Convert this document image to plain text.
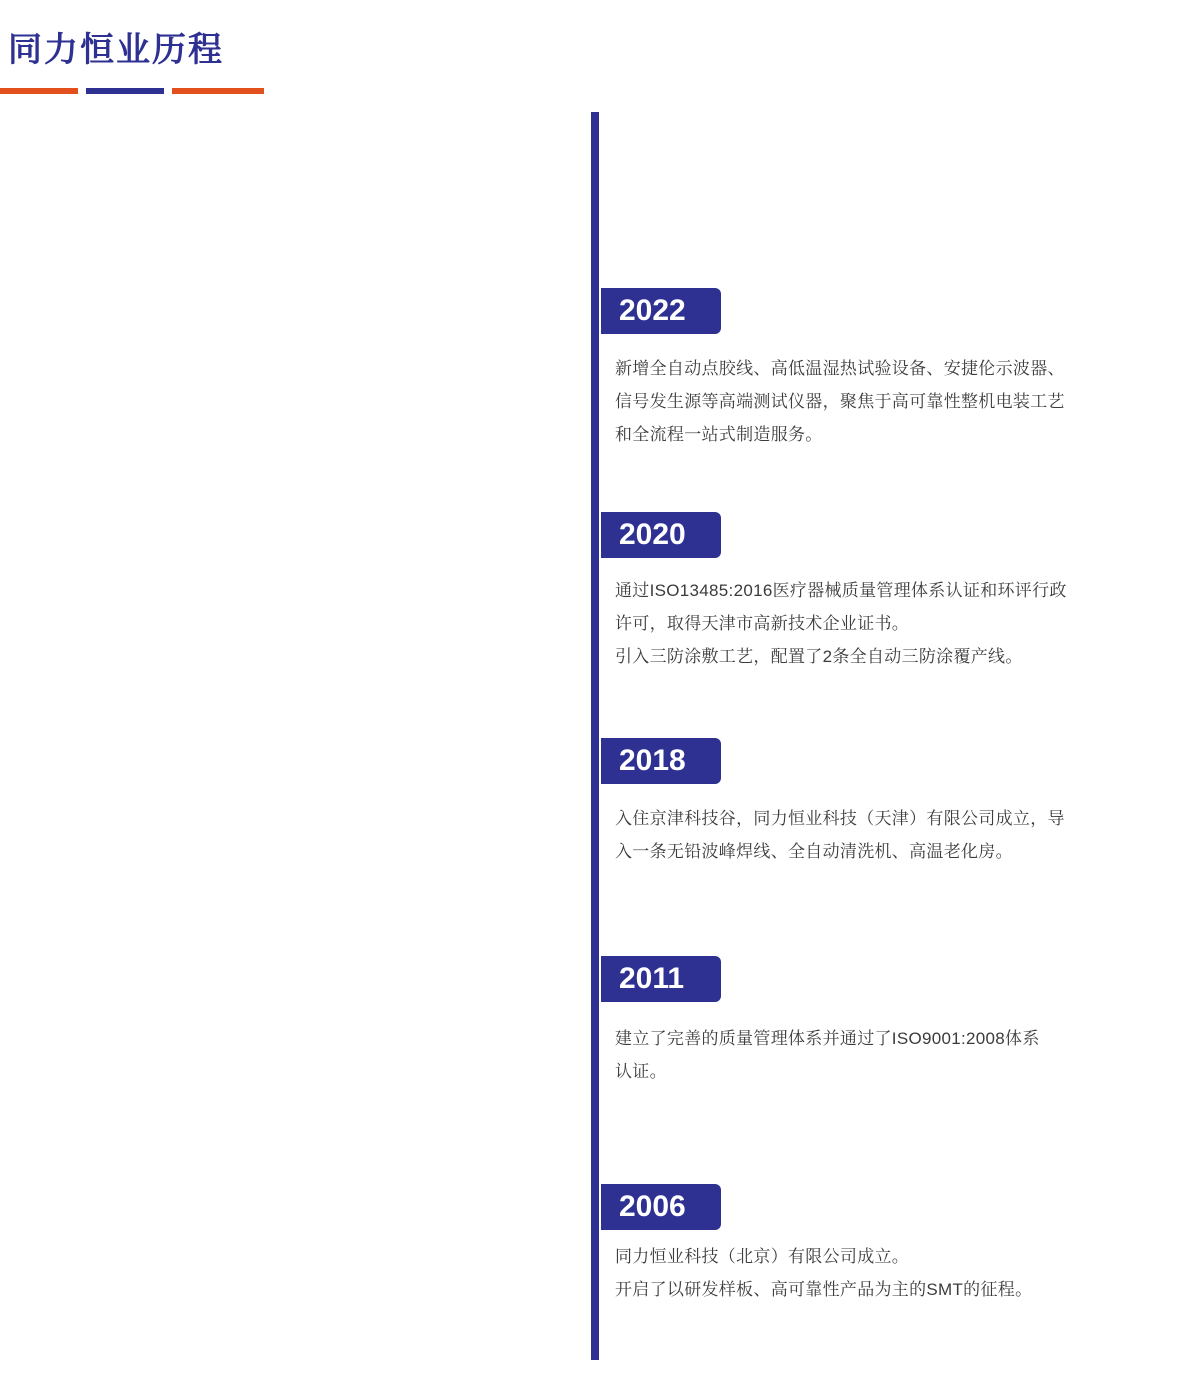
同力恒业历程

2022

新增全自动点胶线、高低温湿热试验设备、安捷伦示波器、

信号发生源等高端测试仪器，聚焦于高可靠性整机电装工艺

和全流程一站式制造服务。

2020

通过ISO13485:2016医疗器械质量管理体系认证和环评行政

许可，取得天津市高新技术企业证书。

引入三防涂敷工艺，配置了2条全自动三防涂覆产线。

2018

入住京津科技谷，同力恒业科技（天津）有限公司成立，导

入一条无铅波峰焊线、全自动清洗机、高温老化房。

2011

建立了完善的质量管理体系并通过了ISO9001:2008体系

认证。

2006

同力恒业科技（北京）有限公司成立。

开启了以研发样板、高可靠性产品为主的SMT的征程。
